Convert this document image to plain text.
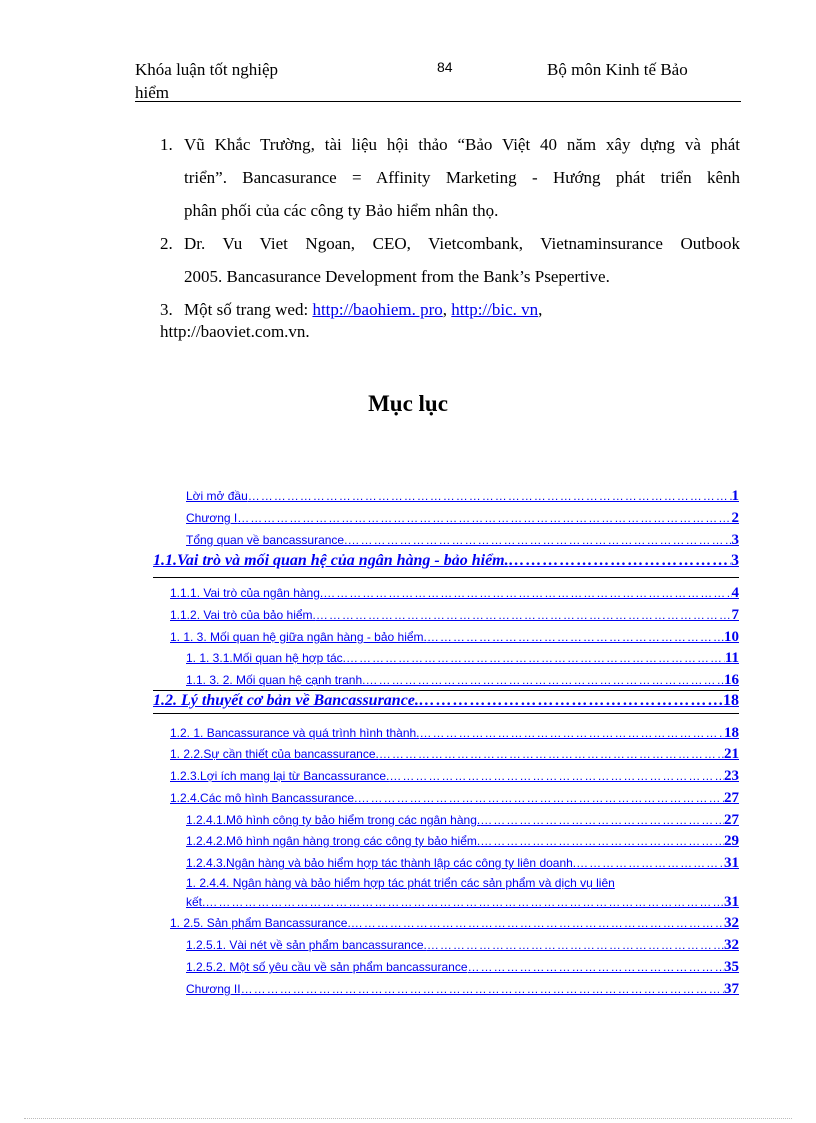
Khóa luận tốt nghiệp
hiểm
84	Bộ môn Kinh tế Bảo
1. Vũ Khắc Trường, tài liệu hội thảo “Bảo Việt 40 năm xây dựng và phát
triển”. Bancasurance = Affinity Marketing - Hướng phát triển kênh
phân phối của các công ty Bảo hiểm nhân thọ.
2. Dr. Vu Viet Ngoan, CEO, Vietcombank, Vietnaminsurance Outbook
2005. Bancasurance Development from the Bank’s Psepertive.
3. Một số trang wed: http://baohiem. pro, http://bic. vn,
http://baoviet.com.vn.
Mục lục
Lời mở đầu ……………………………………………………………………………………………………………………………………………………………………………………………………………………………………	1
Chương I ……………………………………………………………………………………………………………………………………………………………………………………………………………………………………	2
Tổng quan về bancassurance. ……………………………………………………………………………………………………………………………………………………………………………………………………………………………………	3
1.1.Vai trò và mối quan hệ của ngân hàng - bảo hiểm. ……………………………………………………………………………………………………………………………………………………………………………………………………………………………………	3
1.1.1. Vai trò của ngân hàng. ……………………………………………………………………………………………………………………………………………………………………………………………………………………………………	4
1.1.2. Vai trò của bảo hiểm. ……………………………………………………………………………………………………………………………………………………………………………………………………………………………………	7
1. 1. 3. Mối quan hệ giữa ngân hàng - bảo hiểm. ……………………………………………………………………………………………………………………………………………………………………………………………………………………………………	10
1. 1. 3.1.Mối quan hệ hợp tác. ……………………………………………………………………………………………………………………………………………………………………………………………………………………………………	11
1.1. 3. 2. Mối quan hệ cạnh tranh. ……………………………………………………………………………………………………………………………………………………………………………………………………………………………………	16
1.2. Lý thuyết cơ bản về Bancassurance. ……………………………………………………………………………………………………………………………………………………………………………………………………………………………………	18
1.2. 1. Bancassurance và quá trình hình thành. ……………………………………………………………………………………………………………………………………………………………………………………………………………………………………	18
1. 2.2.Sự cần thiết của bancassurance. ……………………………………………………………………………………………………………………………………………………………………………………………………………………………………	21
1.2.3.Lợi ích mang lại từ Bancassurance. ……………………………………………………………………………………………………………………………………………………………………………………………………………………………………	23
1.2.4.Các mô hình Bancassurance. ……………………………………………………………………………………………………………………………………………………………………………………………………………………………………	27
1.2.4.1.Mô hình công ty bảo hiểm trong các ngân hàng. ……………………………………………………………………………………………………………………………………………………………………………………………………………………………………	27
1.2.4.2.Mô hình ngân hàng trong các công ty bảo hiểm. ……………………………………………………………………………………………………………………………………………………………………………………………………………………………………	29
1.2.4.3.Ngân hàng và bảo hiểm hợp tác thành lập các công ty liên doanh. ……………………………………………………………………………………………………………………………………………………………………………………………………………………………………	31
1. 2.4.4. Ngân hàng và bảo hiểm hợp tác phát triển các sản phẩm và dịch vụ liên
kết. ……………………………………………………………………………………………………………………………………………………………………………………………………………………………………	31
1. 2.5. Sản phẩm Bancassurance. ……………………………………………………………………………………………………………………………………………………………………………………………………………………………………	32
1.2.5.1. Vài nét về sản phẩm bancassurance. ……………………………………………………………………………………………………………………………………………………………………………………………………………………………………	32
1.2.5.2. Một số yêu cầu về sản phẩm bancassurance ……………………………………………………………………………………………………………………………………………………………………………………………………………………………………	35
Chương II ……………………………………………………………………………………………………………………………………………………………………………………………………………………………………	37
